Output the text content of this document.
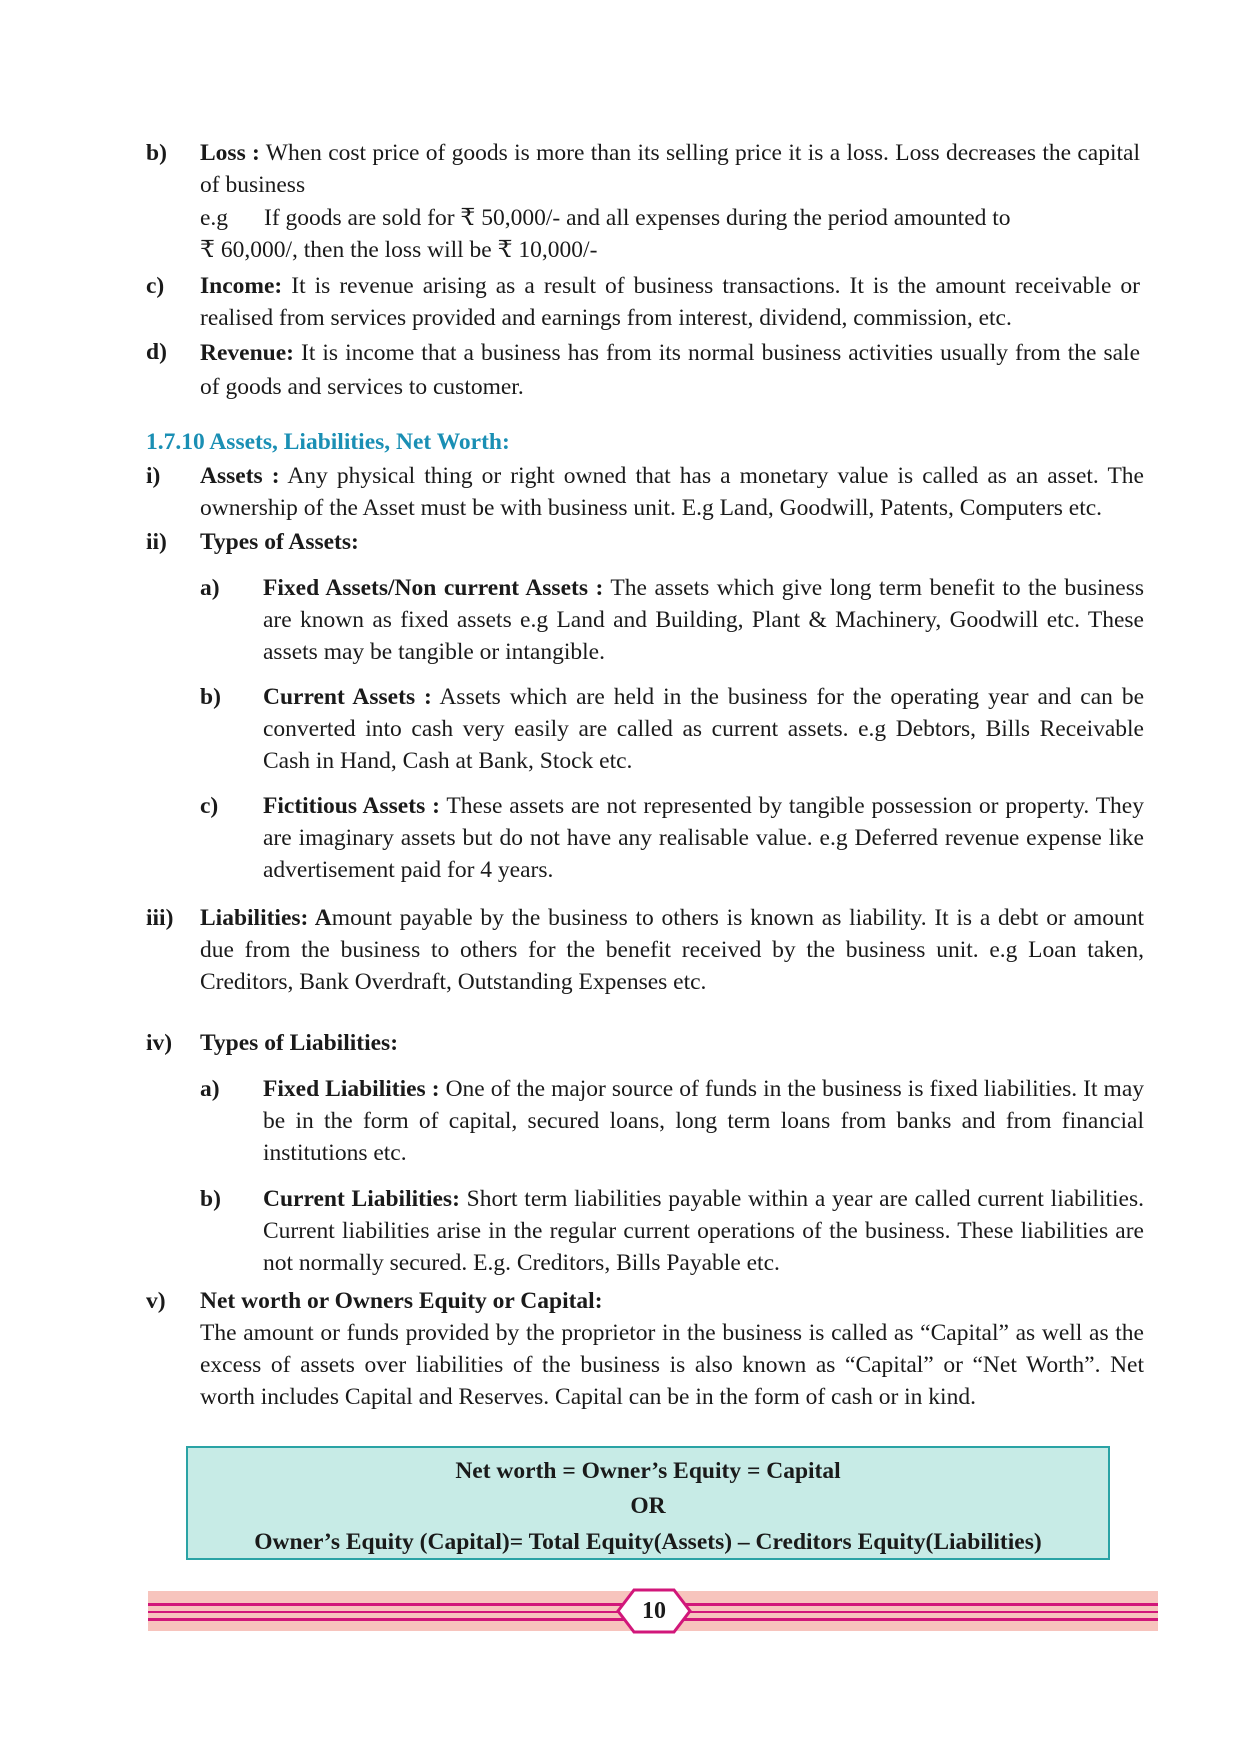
b) Loss : When cost price of goods is more than its selling price it is a loss. Loss decreases the capital of business
e.g	If goods are sold for ₹ 50,000/- and all expenses during the period amounted to
₹ 60,000/, then the loss will be ₹ 10,000/-
c) Income: It is revenue arising as a result of business transactions. It is the amount receivable or realised from services provided and earnings from interest, dividend, commission, etc.
d) Revenue: It is income that a business has from its normal business activities usually from the sale of goods and services to customer.
1.7.10 Assets, Liabilities, Net Worth:
i) Assets : Any physical thing or right owned that has a monetary value is called as an asset. The ownership of the Asset must be with business unit. E.g Land, Goodwill, Patents, Computers etc.
ii) Types of Assets:
a) Fixed Assets/Non current Assets : The assets which give long term benefit to the business are known as fixed assets e.g Land and Building, Plant & Machinery, Goodwill etc. These assets may be tangible or intangible.
b) Current Assets : Assets which are held in the business for the operating year and can be converted into cash very easily are called as current assets. e.g Debtors, Bills Receivable Cash in Hand, Cash at Bank, Stock etc.
c) Fictitious Assets : These assets are not represented by tangible possession or property. They are imaginary assets but do not have any realisable value. e.g Deferred revenue expense like advertisement paid for 4 years.
iii) Liabilities: Amount payable by the business to others is known as liability. It is a debt or amount due from the business to others for the benefit received by the business unit. e.g Loan taken, Creditors, Bank Overdraft, Outstanding Expenses etc.
iv) Types of Liabilities:
a) Fixed Liabilities : One of the major source of funds in the business is fixed liabilities. It may be in the form of capital, secured loans, long term loans from banks and from financial institutions etc.
b) Current Liabilities: Short term liabilities payable within a year are called current liabilities. Current liabilities arise in the regular current operations of the business. These liabilities are not normally secured. E.g. Creditors, Bills Payable etc.
v) Net worth or Owners Equity or Capital:
The amount or funds provided by the proprietor in the business is called as “Capital” as well as the excess of assets over liabilities of the business is also known as “Capital” or “Net Worth”. Net worth includes Capital and Reserves. Capital can be in the form of cash or in kind.
Net worth = Owner’s Equity = Capital
OR
Owner’s Equity (Capital)= Total Equity(Assets) – Creditors Equity(Liabilities)
10
